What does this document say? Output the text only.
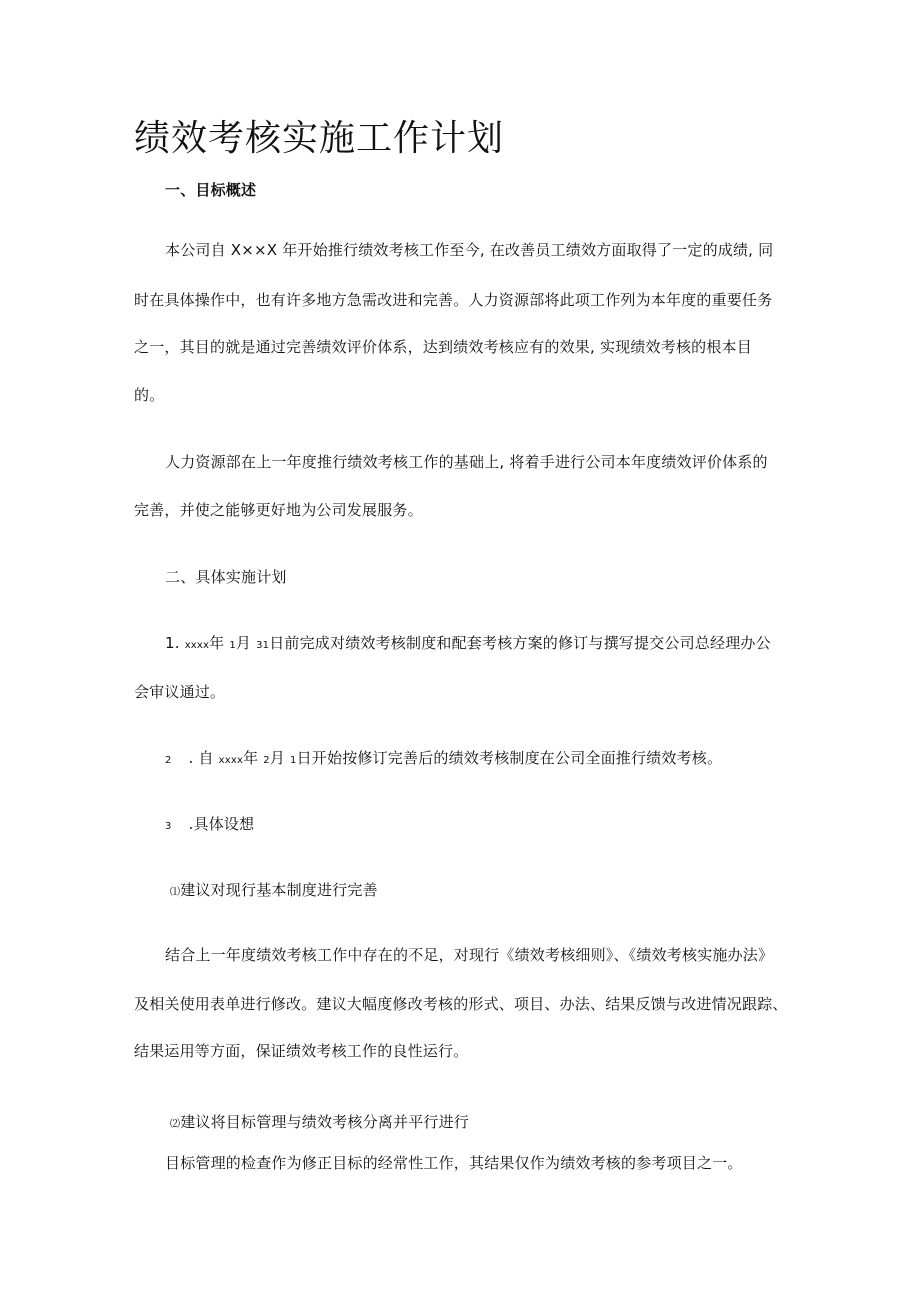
绩效考核实施工作计划
一、目标概述
本公司自 X××X 年开始推行绩效考核工作至今, 在改善员工绩效方面取得了一定的成绩, 同
时在具体操作中，也有许多地方急需改进和完善。人力资源部将此项工作列为本年度的重要任务
之一，其目的就是通过完善绩效评价体系，达到绩效考核应有的效果, 实现绩效考核的根本目
的。
人力资源部在上一年度推行绩效考核工作的基础上, 将着手进行公司本年度绩效评价体系的
完善，并使之能够更好地为公司发展服务。
二、具体实施计划
1. xxxx年 1月 31日前完成对绩效考核制度和配套考核方案的修订与撰写提交公司总经理办公
会审议通过。
2 . 自 xxxx年 2月 1日开始按修订完善后的绩效考核制度在公司全面推行绩效考核。
3 .具体设想
⑴建议对现行基本制度进行完善
结合上一年度绩效考核工作中存在的不足，对现行《绩效考核细则》、《绩效考核实施办法》
及相关使用表单进行修改。建议大幅度修改考核的形式、项目、办法、结果反馈与改进情况跟踪、
结果运用等方面，保证绩效考核工作的良性运行。
⑵建议将目标管理与绩效考核分离并平行进行
目标管理的检查作为修正目标的经常性工作，其结果仅作为绩效考核的参考项目之一。
